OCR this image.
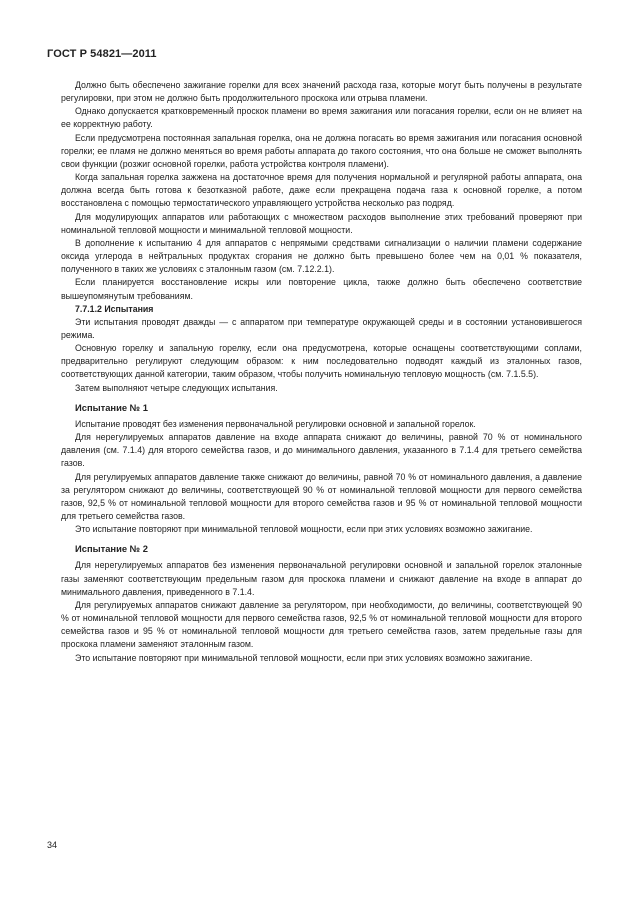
ГОСТ Р 54821—2011

Должно быть обеспечено зажигание горелки для всех значений расхода газа, которые могут быть получены в результате регулировки, при этом не должно быть продолжительного проскока или отрыва пламени.

Однако допускается кратковременный проскок пламени во время зажигания или погасания горелки, если он не влияет на ее корректную работу.

Если предусмотрена постоянная запальная горелка, она не должна погасать во время зажигания или погасания основной горелки; ее пламя не должно меняться во время работы аппарата до такого состояния, что она больше не сможет выполнять свои функции (розжиг основной горелки, работа устройства контроля пламени).

Когда запальная горелка зажжена на достаточное время для получения нормальной и регулярной работы аппарата, она должна всегда быть готова к безотказной работе, даже если прекращена подача газа к основной горелке, а потом восстановлена с помощью термостатического управляющего устройства несколько раз подряд.

Для модулирующих аппаратов или работающих с множеством расходов выполнение этих требований проверяют при номинальной тепловой мощности и минимальной тепловой мощности.

В дополнение к испытанию 4 для аппаратов с непрямыми средствами сигнализации о наличии пламени содержание оксида углерода в нейтральных продуктах сгорания не должно быть превышено более чем на 0,01 % показателя, полученного в таких же условиях с эталонным газом (см. 7.12.2.1).

Если планируется восстановление искры или повторение цикла, также должно быть обеспечено соответствие вышеупомянутым требованиям.

7.7.1.2 Испытания

Эти испытания проводят дважды — с аппаратом при температуре окружающей среды и в состоянии установившегося режима.

Основную горелку и запальную горелку, если она предусмотрена, которые оснащены соответствующими соплами, предварительно регулируют следующим образом: к ним последовательно подводят каждый из эталонных газов, соответствующих данной категории, таким образом, чтобы получить номинальную тепловую мощность (см. 7.1.5.5).

Затем выполняют четыре следующих испытания.

Испытание № 1

Испытание проводят без изменения первоначальной регулировки основной и запальной горелок.

Для нерегулируемых аппаратов давление на входе аппарата снижают до величины, равной 70 % от номинального давления (см. 7.1.4) для второго семейства газов, и до минимального давления, указанного в 7.1.4 для третьего семейства газов.

Для регулируемых аппаратов давление также снижают до величины, равной 70 % от номинального давления, а давление за регулятором снижают до величины, соответствующей 90 % от номинальной тепловой мощности для первого семейства газов, 92,5 % от номинальной тепловой мощности для второго семейства газов и 95 % от номинальной тепловой мощности для третьего семейства газов.

Это испытание повторяют при минимальной тепловой мощности, если при этих условиях возможно зажигание.

Испытание № 2

Для нерегулируемых аппаратов без изменения первоначальной регулировки основной и запальной горелок эталонные газы заменяют соответствующим предельным газом для проскока пламени и снижают давление на входе в аппарат до минимального давления, приведенного в 7.1.4.

Для регулируемых аппаратов снижают давление за регулятором, при необходимости, до величины, соответствующей 90 % от номинальной тепловой мощности для первого семейства газов, 92,5 % от номинальной тепловой мощности для второго семейства газов и 95 % от номинальной тепловой мощности для третьего семейства газов, затем предельные газы для проскока пламени заменяют эталонным газом.

Это испытание повторяют при минимальной тепловой мощности, если при этих условиях возможно зажигание.

34
